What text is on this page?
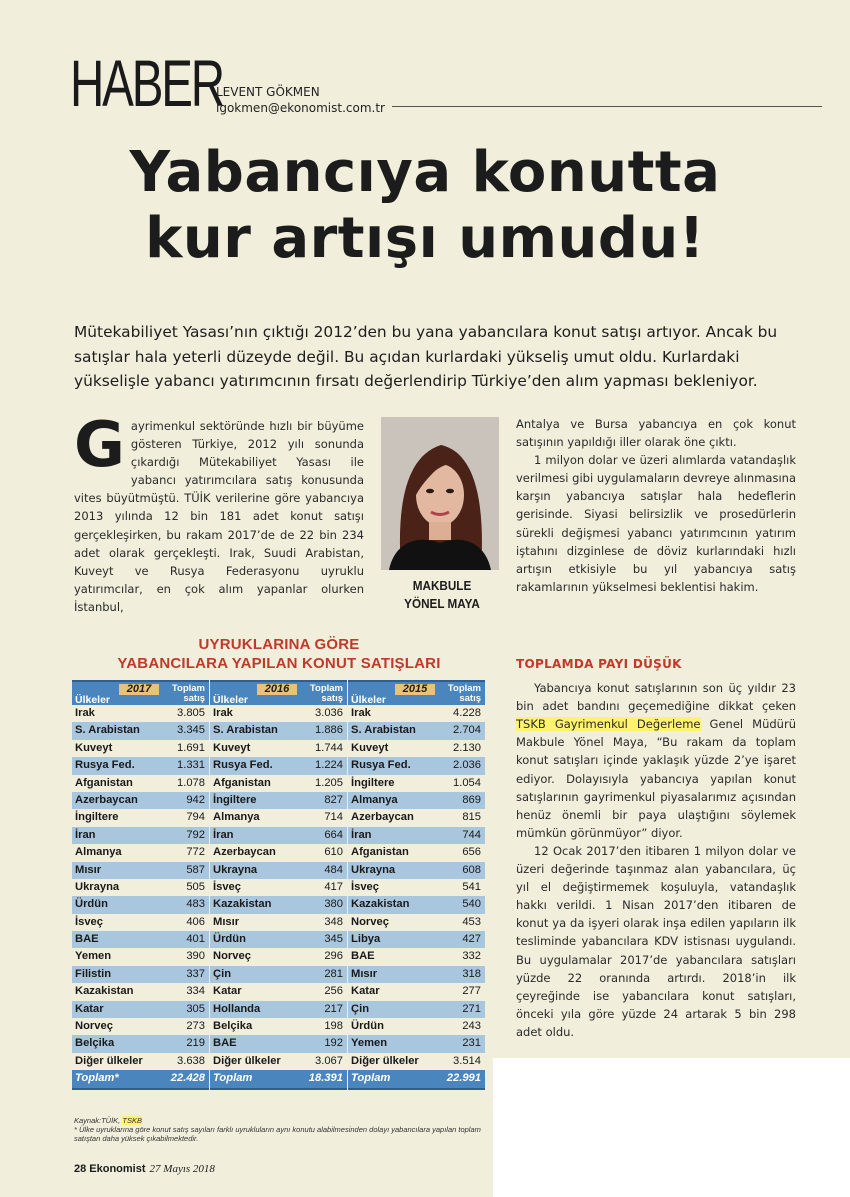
HABER
LEVENT GÖKMEN
lgokmen@ekonomist.com.tr
Yabancıya konutta
kur artışı umudu!
Mütekabiliyet Yasası’nın çıktığı 2012’den bu yana yabancılara konut satışı artıyor. Ancak bu satışlar hala yeterli düzeyde değil. Bu açıdan kurlardaki yükseliş umut oldu. Kurlardaki yükselişle yabancı yatırımcının fırsatı değerlendirip Türkiye’den alım yapması bekleniyor.
G ayrimenkul sektöründe hızlı bir büyüme gösteren Türkiye, 2012 yılı sonunda çıkardığı Mütekabiliyet Yasası ile yabancı yatırımcılara satış konusunda vites büyütmüştü. TÜİK verilerine göre yabancıya 2013 yılında 12 bin 181 adet konut satışı gerçekleşirken, bu rakam 2017’de de 22 bin 234 adet olarak gerçekleşti. Irak, Suudi Arabistan, Kuveyt ve Rusya Federasyonu uyruklu yatırımcılar, en çok alım yapanlar olurken İstanbul,

MAKBULE
YÖNEL MAYA

Antalya ve Bursa yabancıya en çok konut satışının yapıldığı iller olarak öne çıktı.

1 milyon dolar ve üzeri alımlarda vatandaşlık verilmesi gibi uygulamaların devreye alınmasına karşın yabancıya satışlar hala hedeflerin gerisinde. Siyasi belirsizlik ve prosedürlerin sürekli değişmesi yabancı yatırımcının yatırım iştahını dizginlese de döviz kurlarındaki hızlı artışın etkisiyle bu yıl yabancıya satış rakamlarının yükselmesi beklentisi hakim.

TOPLAMDA PAYI DÜŞÜK

Yabancıya konut satışlarının son üç yıldır 23 bin adet bandını geçemediğine dikkat çeken TSKB Gayrimenkul Değerleme Genel Müdürü Makbule Yönel Maya, “Bu rakam da toplam konut satışları içinde yaklaşık yüzde 2’ye işaret ediyor. Dolayısıyla yabancıya yapılan konut satışlarının gayrimenkul piyasalarımız açısından henüz önemli bir paya ulaştığını söylemek mümkün görünmüyor” diyor.

12 Ocak 2017’den itibaren 1 milyon dolar ve üzeri değerinde taşınmaz alan yabancılara, üç yıl el değiştirmemek koşuluyla, vatandaşlık hakkı verildi. 1 Nisan 2017’den itibaren de konut ya da işyeri olarak inşa edilen yapıların ilk tesliminde yabancılara KDV istisnası uygulandı. Bu uygulamalar 2017’de yabancılara satışları yüzde 22 oranında artırdı. 2018’in ilk çeyreğinde ise yabancılara konut satışları, önceki yıla göre yüzde 24 artarak 5 bin 298 adet oldu.

UYRUKLARINA GÖRE
YABANCILARA YAPILAN KONUT SATIŞLARI
2017
Ülkeler
Toplam
satış
Irak	3.805
S. Arabistan	3.345
Kuveyt	1.691
Rusya Fed.	1.331
Afganistan	1.078
Azerbaycan	942
İngiltere	794
İran	792
Almanya	772
Mısır	587
Ukrayna	505
Ürdün	483
İsveç	406
BAE	401
Yemen	390
Filistin	337
Kazakistan	334
Katar	305
Norveç	273
Belçika	219
Diğer ülkeler	3.638
Toplam*	22.428
2016
Ülkeler
Toplam
satış
Irak	3.036
S. Arabistan	1.886
Kuveyt	1.744
Rusya Fed.	1.224
Afganistan	1.205
İngiltere	827
Almanya	714
İran	664
Azerbaycan	610
Ukrayna	484
İsveç	417
Kazakistan	380
Mısır	348
Ürdün	345
Norveç	296
Çin	281
Katar	256
Hollanda	217
Belçika	198
BAE	192
Diğer ülkeler	3.067
Toplam	18.391
2015
Ülkeler
Toplam
satış
Irak	4.228
S. Arabistan	2.704
Kuveyt	2.130
Rusya Fed.	2.036
İngiltere	1.054
Almanya	869
Azerbaycan	815
İran	744
Afganistan	656
Ukrayna	608
İsveç	541
Kazakistan	540
Norveç	453
Libya	427
BAE	332
Mısır	318
Katar	277
Çin	271
Ürdün	243
Yemen	231
Diğer ülkeler	3.514
Toplam	22.991
Kaynak:TÜİK, TSKB
* Ülke uyruklarına göre konut satış sayıları farklı uyrukluların aynı konutu alabilmesinden dolayı yabancılara yapılan toplam satıştan daha yüksek çıkabilmektedir.
28 Ekonomist 27 Mayıs 2018
